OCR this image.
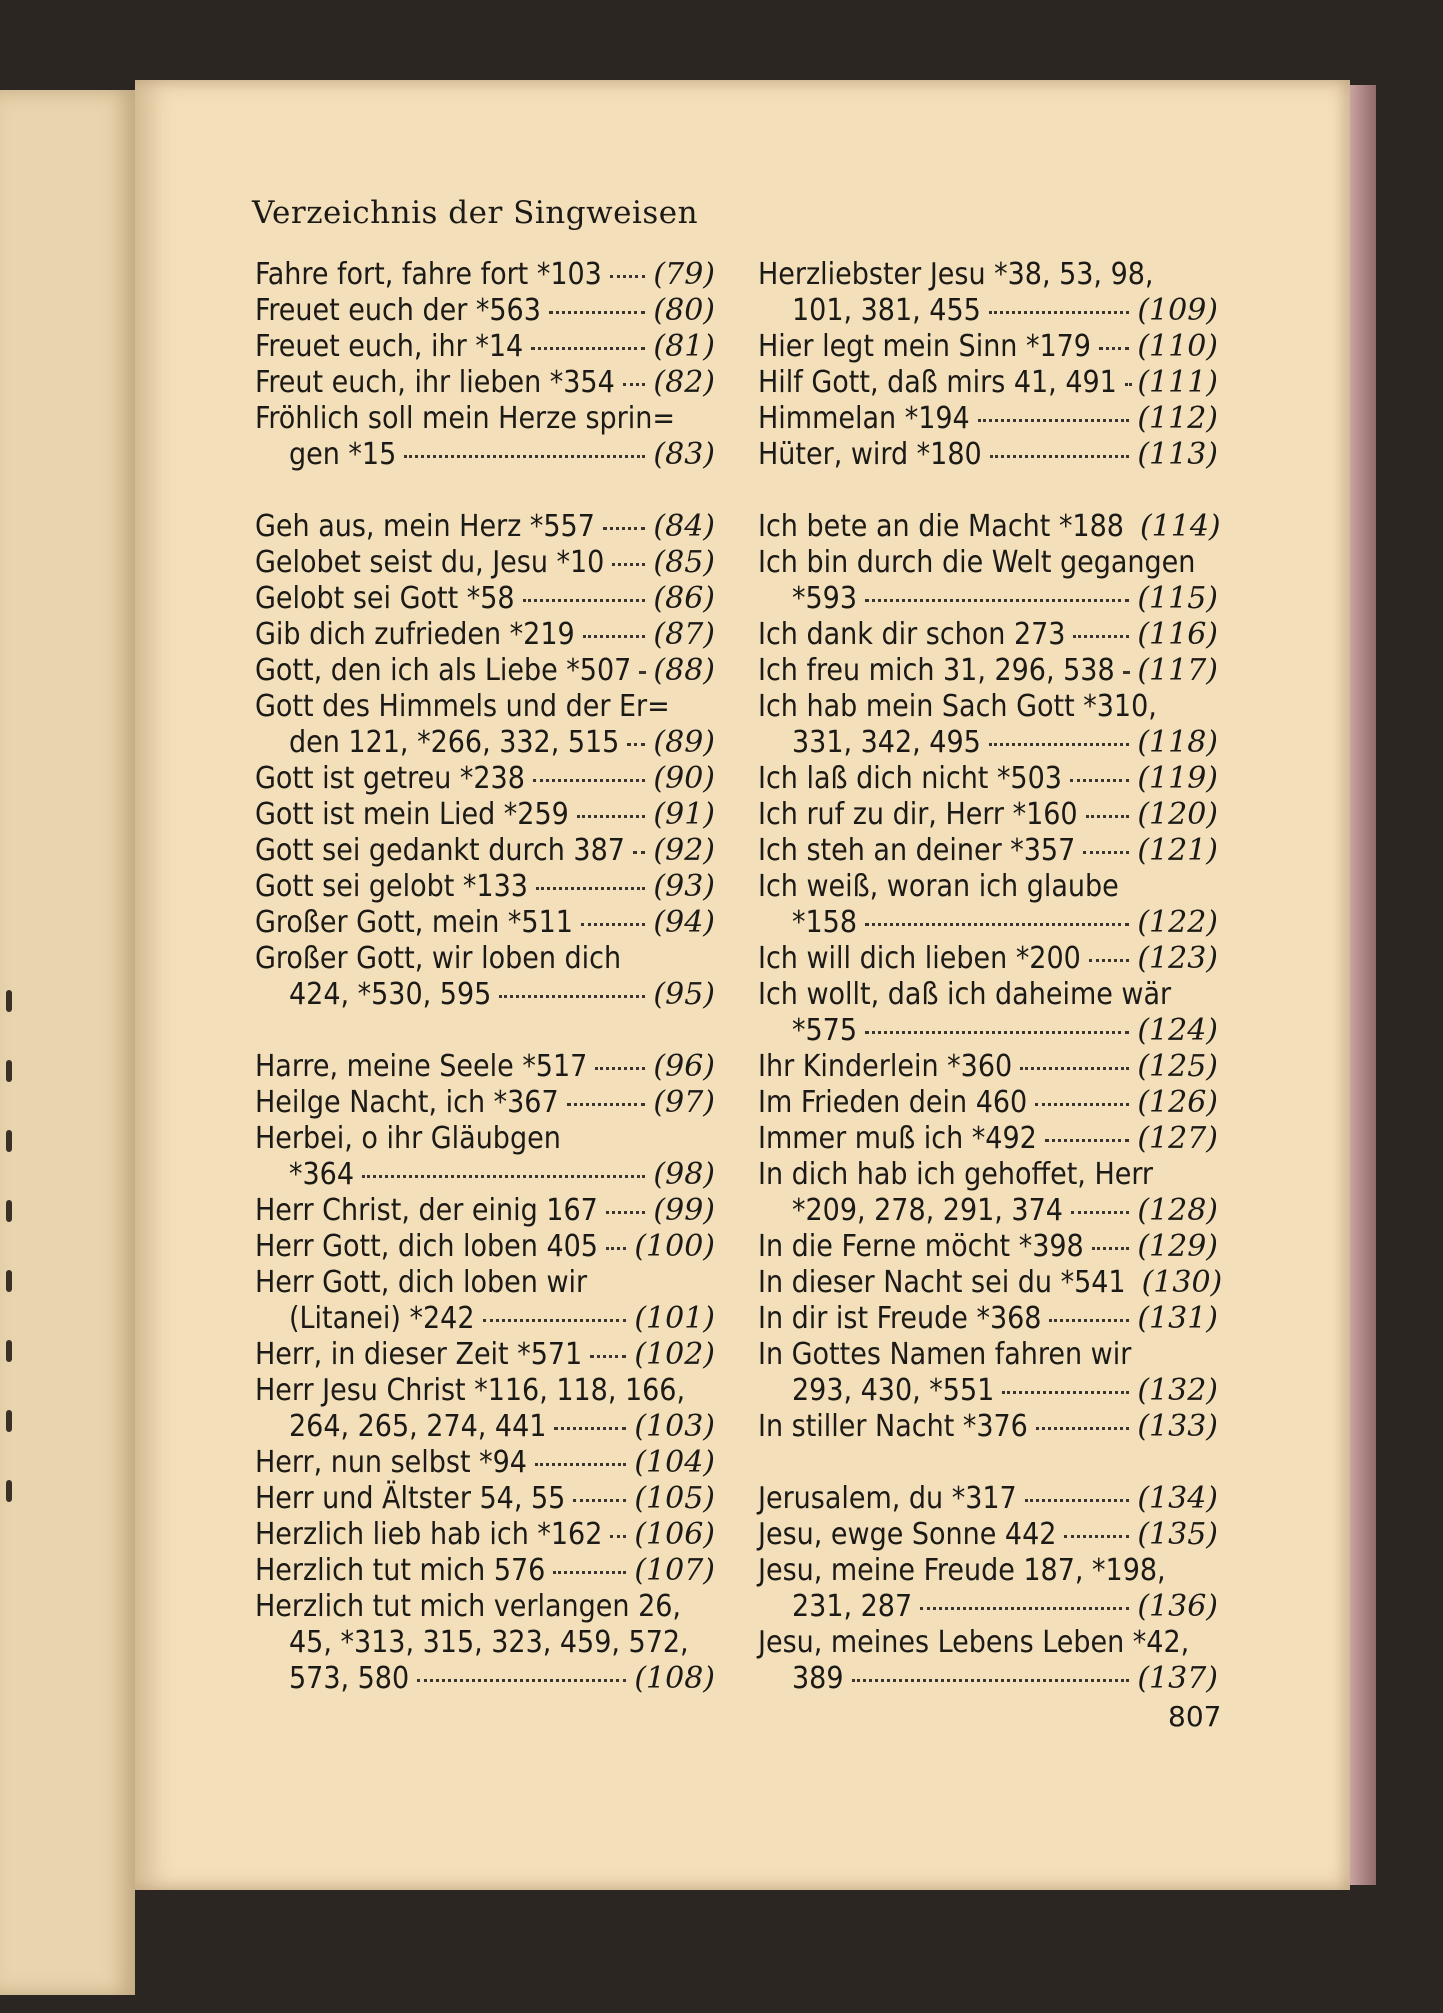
Verzeichnis der Singweisen
Fahre fort, fahre fort *103 (79)
Freuet euch der *563	(80)
Freuet euch, ihr *14	(81)
Freut euch, ihr lieben *354 (82)
Fröhlich soll mein Herze sprin=
gen *15	(83)
Geh aus, mein Herz *557 (84)
Gelobet seist du, Jesu *10 (85)
Gelobt sei Gott *58	(86)
Gib dich zufrieden *219	(87)
Gott, den ich als Liebe *507 (88)
Gott des Himmels und der Er=
den 121, *266, 332, 515 (89)
Gott ist getreu *238	(90)
Gott ist mein Lied *259	(91)
Gott sei gedankt durch 387 (92)
Gott sei gelobt *133	(93)
Großer Gott, mein *511	(94)
Großer Gott, wir loben dich
424, *530, 595	(95)
Harre, meine Seele *517 (96)
Heilge Nacht, ich *367	(97)
Herbei, o ihr Gläubgen
*364	(98)
Herr Christ, der einig 167 (99)
Herr Gott, dich loben 405 (100)
Herr Gott, dich loben wir
(Litanei) *242	(101)
Herr, in dieser Zeit *571 (102)
Herr Jesu Christ *116, 118, 166,
264, 265, 274, 441	(103)
Herr, nun selbst *94	(104)
Herr und Ältster 54, 55 (105)
Herzlich lieb hab ich *162 (106)
Herzlich tut mich 576	(107)
Herzlich tut mich verlangen 26,
45, *313, 315, 323, 459, 572,
573, 580	(108)
Herzliebster Jesu *38, 53, 98,
101, 381, 455	(109)
Hier legt mein Sinn *179 (110)
Hilf Gott, daß mirs 41, 491 (111)
Himmelan *194	(112)
Hüter, wird *180	(113)
Ich bete an die Macht *188 (114)
Ich bin durch die Welt gegangen
*593	(115)
Ich dank dir schon 273 (116)
Ich freu mich 31, 296, 538 (117)
Ich hab mein Sach Gott *310,
331, 342, 495	(118)
Ich laß dich nicht *503	(119)
Ich ruf zu dir, Herr *160 (120)
Ich steh an deiner *357 (121)
Ich weiß, woran ich glaube
*158	(122)
Ich will dich lieben *200 (123)
Ich wollt, daß ich daheime wär
*575	(124)
Ihr Kinderlein *360	(125)
Im Frieden dein 460	(126)
Immer muß ich *492	(127)
In dich hab ich gehoffet, Herr
*209, 278, 291, 374 (128)
In die Ferne möcht *398 (129)
In dieser Nacht sei du *541 (130)
In dir ist Freude *368	(131)
In Gottes Namen fahren wir
293, 430, *551	(132)
In stiller Nacht *376	(133)
Jerusalem, du *317	(134)
Jesu, ewge Sonne 442	(135)
Jesu, meine Freude 187, *198,
231, 287	(136)
Jesu, meines Lebens Leben *42,
389	(137)
807
